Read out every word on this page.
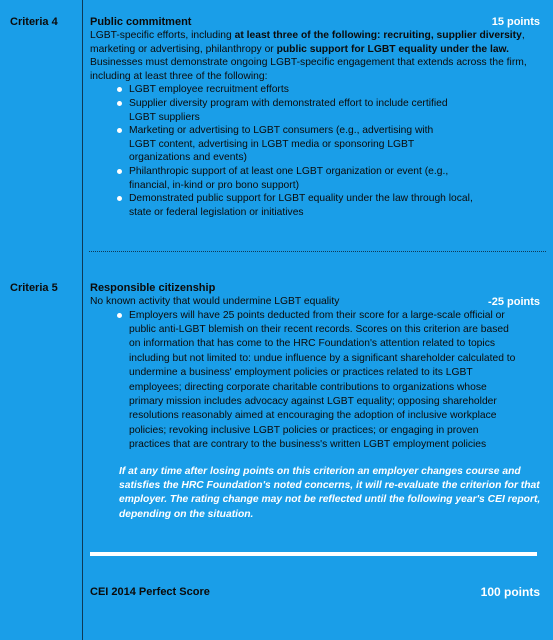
Criteria 4	15 points
Public commitment
LGBT-specific efforts, including at least three of the following: recruiting, supplier diversity, marketing or advertising, philanthropy or public support for LGBT equality under the law. Businesses must demonstrate ongoing LGBT-specific engagement that extends across the firm, including at least three of the following:
LGBT employee recruitment efforts
Supplier diversity program with demonstrated effort to include certified LGBT suppliers
Marketing or advertising to LGBT consumers (e.g., advertising with LGBT content, advertising in LGBT media or sponsoring LGBT organizations and events)
Philanthropic support of at least one LGBT organization or event (e.g., financial, in-kind or pro bono support)
Demonstrated public support for LGBT equality under the law through local, state or federal legislation or initiatives
Criteria 5
-25 points
Responsible citizenship
No known activity that would undermine LGBT equality
Employers will have 25 points deducted from their score for a large-scale official or public anti-LGBT blemish on their recent records. Scores on this criterion are based on information that has come to the HRC Foundation's attention related to topics including but not limited to: undue influence by a significant shareholder calculated to undermine a business' employment policies or practices related to its LGBT employees; directing corporate charitable contributions to organizations whose primary mission includes advocacy against LGBT equality; opposing shareholder resolutions reasonably aimed at encouraging the adoption of inclusive workplace policies; revoking inclusive LGBT policies or practices; or engaging in proven practices that are contrary to the business's written LGBT employment policies
If at any time after losing points on this criterion an employer changes course and satisfies the HRC Foundation's noted concerns, it will re-evaluate the criterion for that employer. The rating change may not be reflected until the following year's CEI report, depending on the situation.
CEI 2014 Perfect Score	100 points
